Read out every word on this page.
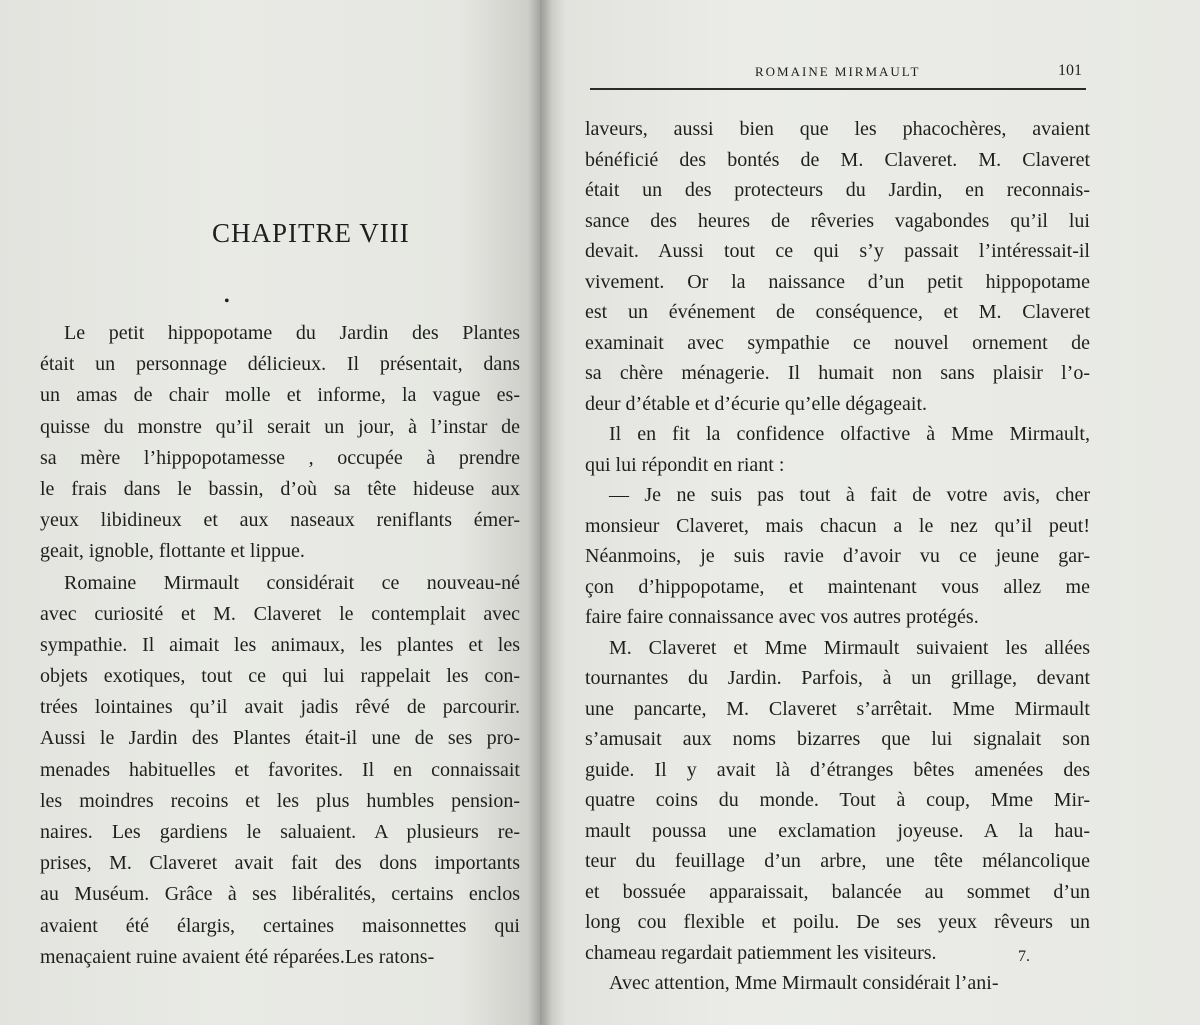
ROMAINE MIRMAULT	101
CHAPITRE VIII
•
Le petit hippopotame du Jardin des Plantes
était un personnage délicieux. Il présentait, dans
un amas de chair molle et informe, la vague es-
quisse du monstre qu’il serait un jour, à l’instar de
sa mère l’hippopotamesse , occupée à prendre
le frais dans le bassin, d’où sa tête hideuse aux
yeux libidineux et aux naseaux reniflants émer-
geait, ignoble, flottante et lippue.
Romaine Mirmault considérait ce nouveau-né
avec curiosité et M. Claveret le contemplait avec
sympathie. Il aimait les animaux, les plantes et les
objets exotiques, tout ce qui lui rappelait les con-
trées lointaines qu’il avait jadis rêvé de parcourir.
Aussi le Jardin des Plantes était-il une de ses pro-
menades habituelles et favorites. Il en connaissait
les moindres recoins et les plus humbles pension-
naires. Les gardiens le saluaient. A plusieurs re-
prises, M. Claveret avait fait des dons importants
au Muséum. Grâce à ses libéralités, certains enclos
avaient été élargis, certaines maisonnettes qui
menaçaient ruine avaient été réparées.Les ratons-
laveurs, aussi bien que les phacochères, avaient
bénéficié des bontés de M. Claveret. M. Claveret
était un des protecteurs du Jardin, en reconnais-
sance des heures de rêveries vagabondes qu’il lui
devait. Aussi tout ce qui s’y passait l’intéressait-il
vivement. Or la naissance d’un petit hippopotame
est un événement de conséquence, et M. Claveret
examinait avec sympathie ce nouvel ornement de
sa chère ménagerie. Il humait non sans plaisir l’o-
deur d’étable et d’écurie qu’elle dégageait.
Il en fit la confidence olfactive à Mme Mirmault,
qui lui répondit en riant :
— Je ne suis pas tout à fait de votre avis, cher
monsieur Claveret, mais chacun a le nez qu’il peut!
Néanmoins, je suis ravie d’avoir vu ce jeune gar-
çon d’hippopotame, et maintenant vous allez me
faire faire connaissance avec vos autres protégés.
M. Claveret et Mme Mirmault suivaient les allées
tournantes du Jardin. Parfois, à un grillage, devant
une pancarte, M. Claveret s’arrêtait. Mme Mirmault
s’amusait aux noms bizarres que lui signalait son
guide. Il y avait là d’étranges bêtes amenées des
quatre coins du monde. Tout à coup, Mme Mir-
mault poussa une exclamation joyeuse. A la hau-
teur du feuillage d’un arbre, une tête mélancolique
et bossuée apparaissait, balancée au sommet d’un
long cou flexible et poilu. De ses yeux rêveurs un
chameau regardait patiemment les visiteurs.
Avec attention, Mme Mirmault considérait l’ani-
7.
